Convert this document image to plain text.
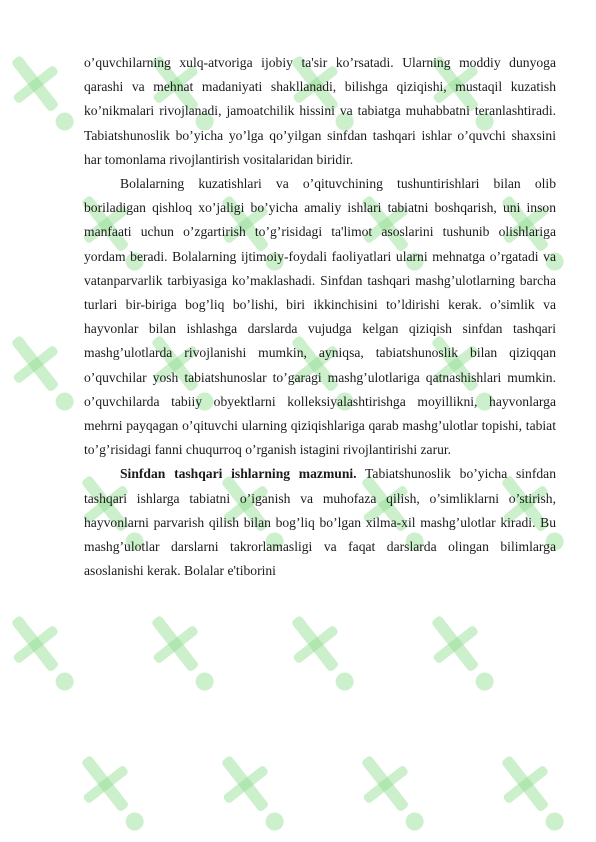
o’quvchilarning xulq-atvoriga ijobiy ta'sir ko’rsatadi. Ularning moddiy dunyoga qarashi va mehnat madaniyati shakllanadi, bilishga qiziqishi, mustaqil kuzatish ko’nikmalari rivojlanadi, jamoatchilik hissini va tabiatga muhabbatni teranlashtiradi. Tabiatshunoslik bo’yicha yo’lga qo’yilgan sinfdan tashqari ishlar o’quvchi shaxsini har tomonlama rivojlantirish vositalaridan biridir.

Bolalarning kuzatishlari va o’qituvchining tushuntirishlari bilan olib boriladigan qishloq xo’jaligi bo’yicha amaliy ishlari tabiatni boshqarish, uni inson manfaati uchun o’zgartirish to’g’risidagi ta'limot asoslarini tushunib olishlariga yordam beradi. Bolalarning ijtimoiy-foydali faoliyatlari ularni mehnatga o’rgatadi va vatanparvarlik tarbiyasiga ko’maklashadi. Sinfdan tashqari mashg’ulotlarning barcha turlari bir-biriga bog’liq bo’lishi, biri ikkinchisini to’ldirishi kerak. o’simlik va hayvonlar bilan ishlashga darslarda vujudga kelgan qiziqish sinfdan tashqari mashg’ulotlarda rivojlanishi mumkin, ayniqsa, tabiatshunoslik bilan qiziqqan o’quvchilar yosh tabiatshunoslar to’garagi mashg’ulotlariga qatnashishlari mumkin. o’quvchilarda tabiiy obyektlarni kolleksiyalashtirishga moyillikni, hayvonlarga mehrni payqagan o’qituvchi ularning qiziqishlariga qarab mashg’ulotlar topishi, tabiat to’g’risidagi fanni chuqurroq o’rganish istagini rivojlantirishi zarur.

Sinfdan tashqari ishlarning mazmuni. Tabiatshunoslik bo’yicha sinfdan tashqari ishlarga tabiatni o’iganish va muhofaza qilish, o’simliklarni o’stirish, hayvonlarni parvarish qilish bilan bog’liq bo’lgan xilma-xil mashg’ulotlar kiradi. Bu mashg’ulotlar darslarni takrorlamasligi va faqat darslarda olingan bilimlarga asoslanishi kerak. Bolalar e'tiborini
